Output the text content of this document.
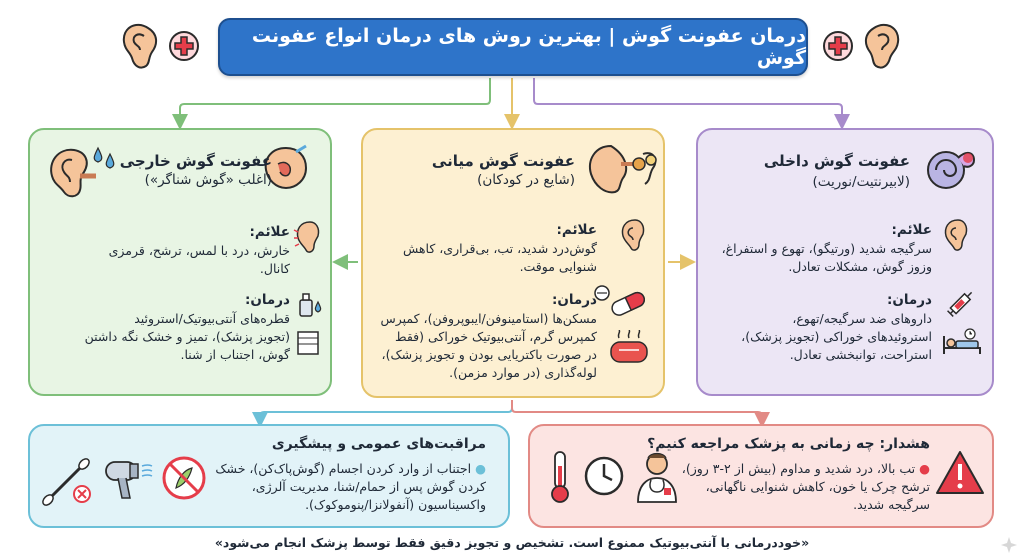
درمان عفونت گوش | بهترین روش های درمان انواع عفونت گوش
عفونت گوش خارجی
(اغلب «گوش شناگر»)
علائم:
خارش، درد با لمس، ترشح، قرمزی
کانال.
درمان:
قطره‌های آنتی‌بیوتیک/استروئید
(تجویز پزشک)، تمیز و خشک نگه داشتن
گوش، اجتناب از شنا.
عفونت گوش میانی
(شایع در کودکان)
علائم:
گوش‌درد شدید، تب، بی‌قراری، کاهش
شنوایی موقت.
درمان:
مسکن‌ها (استامینوفن/ایبوپروفن)، کمپرس
کمپرس گرم، آنتی‌بیوتیک خوراکی (فقط
در صورت باکتریایی بودن و تجویز پزشک)،
لوله‌گذاری (در موارد مزمن).
عفونت گوش داخلی
(لابیرنتیت/نوریت)
علائم:
سرگیجه شدید (ورتیگو)، تهوع و استفراغ،
وزوز گوش، مشکلات تعادل.
درمان:
داروهای ضد سرگیجه/تهوع،
استروئیدهای خوراکی (تجویز پزشک)،
استراحت، توانبخشی تعادل.
مراقبت‌های عمومی و پیشگیری
● اجتناب از وارد کردن اجسام (گوش‌پاک‌کن)، خشک
کردن گوش پس از حمام/شنا، مدیریت آلرژی،
واکسیناسیون (آنفولانزا/پنوموکوک).
هشدار: چه زمانی به پزشک مراجعه کنیم؟
● تب بالا، درد شدید و مداوم (بیش از ۲-۳ روز)،
ترشح چرک یا خون، کاهش شنوایی ناگهانی،
سرگیجه شدید.
«خوددرمانی با آنتی‌بیوتیک ممنوع است. تشخیص و تجویز دقیق فقط توسط پزشک انجام می‌شود»
